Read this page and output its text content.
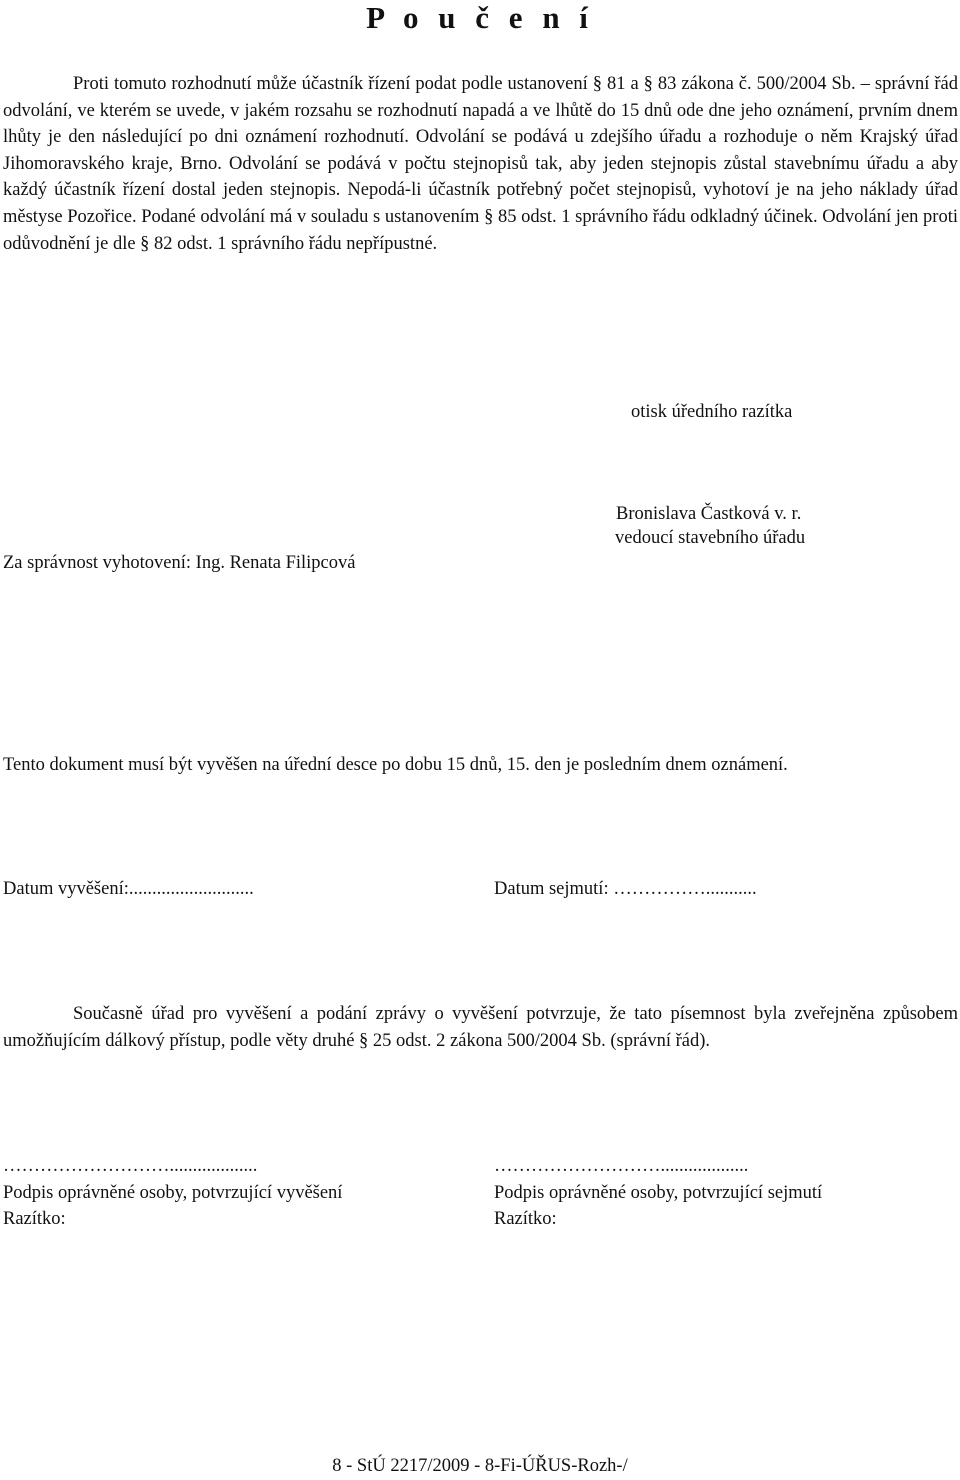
P o u č e n í
Proti tomuto rozhodnutí může účastník řízení podat podle ustanovení § 81 a § 83 zákona č. 500/2004 Sb. – správní řád odvolání, ve kterém se uvede, v jakém rozsahu se rozhodnutí napadá a ve lhůtě do 15 dnů ode dne jeho oznámení, prvním dnem lhůty je den následující po dni oznámení rozhodnutí. Odvolání se podává u zdejšího úřadu a rozhoduje o něm Krajský úřad Jihomoravského kraje, Brno. Odvolání se podává v počtu stejnopisů tak, aby jeden stejnopis zůstal stavebnímu úřadu a aby každý účastník řízení dostal jeden stejnopis. Nepodá-li účastník potřebný počet stejnopisů, vyhotoví je na jeho náklady úřad městyse Pozořice. Podané odvolání má v souladu s ustanovením § 85 odst. 1 správního řádu odkladný účinek. Odvolání jen proti odůvodnění je dle § 82 odst. 1 správního řádu nepřípustné.
otisk úředního razítka
Bronislava Častková v. r.
vedoucí stavebního úřadu
Za správnost vyhotovení: Ing. Renata Filipcová
Tento dokument musí být vyvěšen na úřední desce po dobu 15 dnů, 15. den je posledním dnem oznámení.
Datum vyvěšení:...........................	Datum sejmutí: ……………...........
Současně úřad pro vyvěšení a podání zprávy o vyvěšení potvrzuje, že tato písemnost byla zveřejněna způsobem umožňujícím dálkový přístup, podle věty druhé § 25 odst. 2 zákona 500/2004 Sb. (správní řád).
………………………...................
Podpis oprávněné osoby, potvrzující vyvěšení
Razítko:
………………………...................
Podpis oprávněné osoby, potvrzující sejmutí
Razítko:
8 - StÚ 2217/2009 - 8-Fi-ÚŘUS-Rozh-/
